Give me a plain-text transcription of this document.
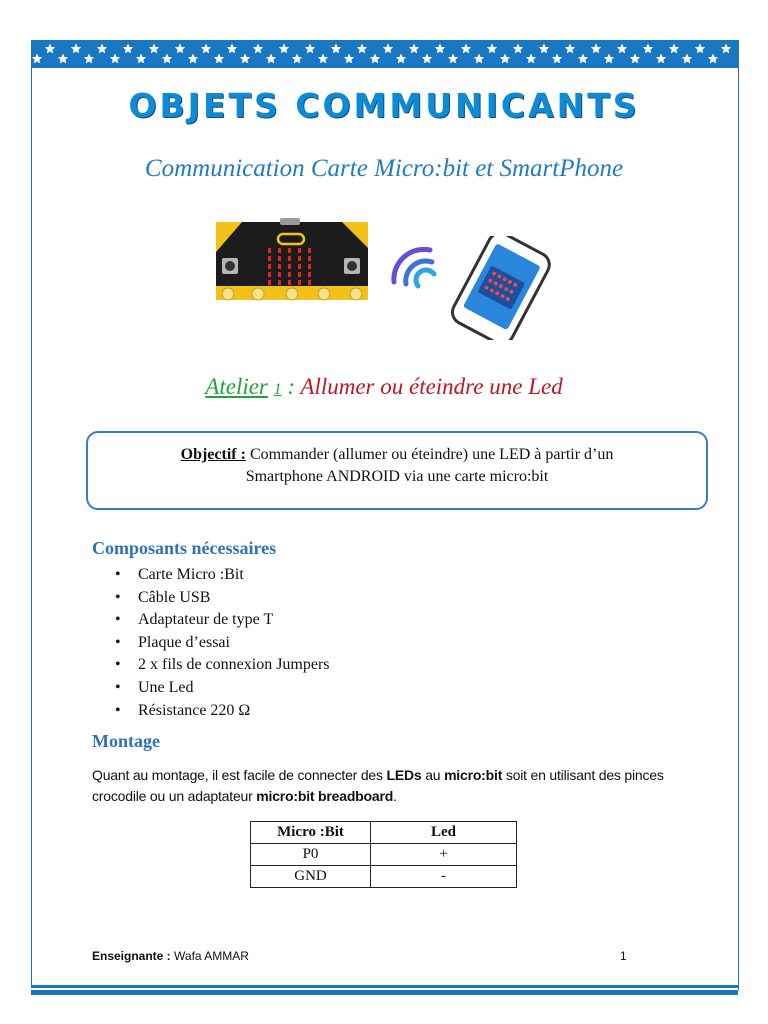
OBJETS COMMUNICANTS
Communication Carte Micro:bit et SmartPhone
Atelier 1 : Allumer ou éteindre une Led
Objectif : Commander (allumer ou éteindre) une LED à partir d’un
Smartphone ANDROID via une carte micro:bit
Composants nécessaires
• Carte Micro :Bit
• Câble USB
• Adaptateur de type T
• Plaque d’essai
• 2 x fils de connexion Jumpers
• Une Led
• Résistance 220 Ω
Montage
Quant au montage, il est facile de connecter des LEDs au micro:bit soit en utilisant des pinces crocodile ou un adaptateur micro:bit breadboard.
Micro :Bit	Led
P0	+
GND	-
Enseignante : Wafa AMMAR	1
